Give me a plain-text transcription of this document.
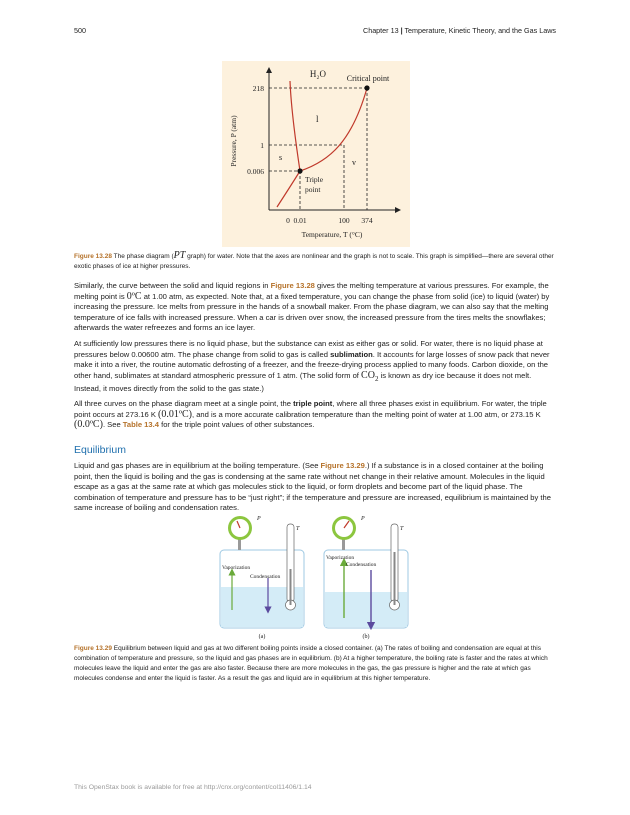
500	Chapter 13 | Temperature, Kinetic Theory, and the Gas Laws
H₂O	Critical point
Triple
point
l
s
v
218
1
0.006
0 0.01	100 374
Temperature, T (°C)
Pressure, P (atm)
Figure 13.28 The phase diagram (PT graph) for water. Note that the axes are nonlinear and the graph is not to scale. This graph is simplified—there are several other exotic phases of ice at higher pressures.
Similarly, the curve between the solid and liquid regions in Figure 13.28 gives the melting temperature at various pressures. For example, the melting point is 0ºC at 1.00 atm, as expected. Note that, at a fixed temperature, you can change the phase from solid (ice) to liquid (water) by increasing the pressure. Ice melts from pressure in the hands of a snowball maker. From the phase diagram, we can also say that the melting temperature of ice falls with increased pressure. When a car is driven over snow, the increased pressure from the tires melts the snowflakes; afterwards the water refreezes and forms an ice layer.
At sufficiently low pressures there is no liquid phase, but the substance can exist as either gas or solid. For water, there is no liquid phase at pressures below 0.00600 atm. The phase change from solid to gas is called sublimation. It accounts for large losses of snow pack that never make it into a river, the routine automatic defrosting of a freezer, and the freeze-drying process applied to many foods. Carbon dioxide, on the other hand, sublimates at standard atmospheric pressure of 1 atm. (The solid form of $CO_2$ is known as dry ice because it does not melt. Instead, it moves directly from the solid to the gas state.)
All three curves on the phase diagram meet at a single point, the triple point, where all three phases exist in equilibrium. For water, the triple point occurs at 273.16 K (0.01ºC), and is a more accurate calibration temperature than the melting point of water at 1.00 atm, or 273.15 K (0.0ºC). See Table 13.4 for the triple point values of other substances.
Equilibrium
Liquid and gas phases are in equilibrium at the boiling temperature. (See Figure 13.29.) If a substance is in a closed container at the boiling point, then the liquid is boiling and the gas is condensing at the same rate without net change in their relative amount. Molecules in the liquid escape as a gas at the same rate at which gas molecules stick to the liquid, or form droplets and become part of the liquid phase. The combination of temperature and pressure has to be “just right”; if the temperature and pressure are increased, equilibrium is maintained by the same increase of boiling and condensation rates.
P
T
Vaporization
Condensation
(a)
P
T
Vaporization
Condensation
(b)
Figure 13.29 Equilibrium between liquid and gas at two different boiling points inside a closed container. (a) The rates of boiling and condensation are equal at this combination of temperature and pressure, so the liquid and gas phases are in equilibrium. (b) At a higher temperature, the boiling rate is faster and the rates at which molecules leave the liquid and enter the gas are also faster. Because there are more molecules in the gas, the gas pressure is higher and the rate at which gas molecules condense and enter the liquid is faster. As a result the gas and liquid are in equilibrium at this higher temperature.
This OpenStax book is available for free at http://cnx.org/content/col11406/1.14
